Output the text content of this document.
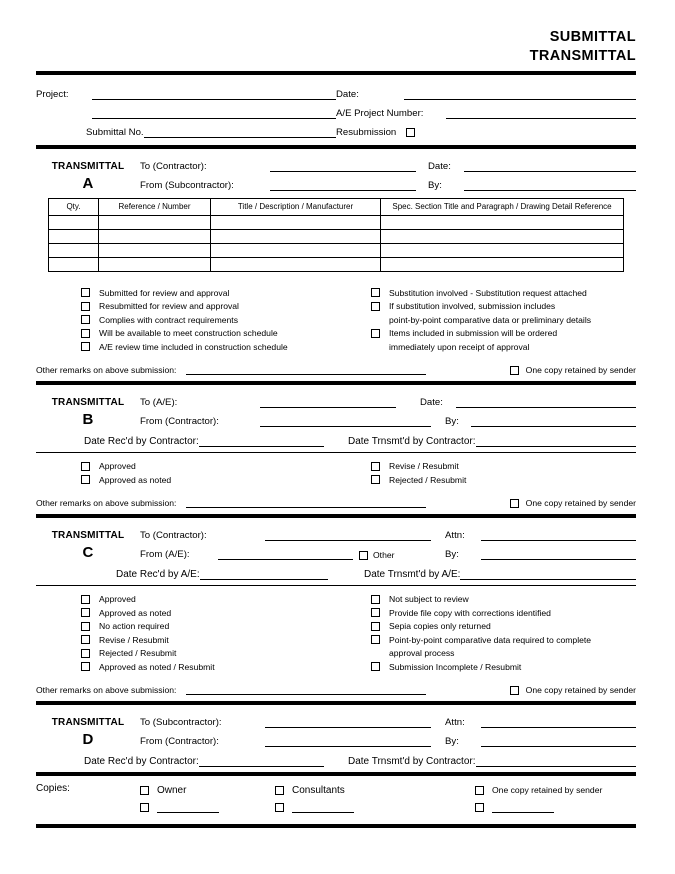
SUBMITTAL
TRANSMITTAL
Project:	Date:

A/E Project Number:
Submittal No.	Resubmission
TRANSMITTAL	To (Contractor):	Date:
A	From (Subcontractor):	By:
Qty.	Reference / Number	Title / Description / Manufacturer	Spec. Section Title and Paragraph / Drawing Detail Reference

Submitted for review and approval
Resubmitted for review and approval
Complies with contract requirements
Will be available to meet construction schedule
A/E review time included in construction schedule
Substitution involved - Substitution request attached
If substitution involved, submission includes
point-by-point comparative data or preliminary details
Items included in submission will be ordered
immediately upon receipt of approval
Other remarks on above submission:	One copy retained by sender
TRANSMITTAL	To (A/E):	Date:
B	From (Contractor):	By:
Date Rec'd by Contractor:	Date Trnsmt'd by Contractor:
Approved
Approved as noted
Revise / Resubmit
Rejected / Resubmit
Other remarks on above submission:	One copy retained by sender
TRANSMITTAL	To (Contractor):	Attn:
C	From (A/E):	Other	By:
Date Rec'd by A/E:	Date Trnsmt'd by A/E:
Approved
Approved as noted
No action required
Revise / Resubmit
Rejected / Resubmit
Approved as noted / Resubmit
Not subject to review
Provide file copy with corrections identified
Sepia copies only returned
Point-by-point comparative data required to complete
approval process
Submission Incomplete / Resubmit
Other remarks on above submission:	One copy retained by sender
TRANSMITTAL	To (Subcontractor):	Attn:
D	From (Contractor):	By:
Date Rec'd by Contractor:	Date Trnsmt'd by Contractor:
Copies:	Owner	Consultants	One copy retained by sender
